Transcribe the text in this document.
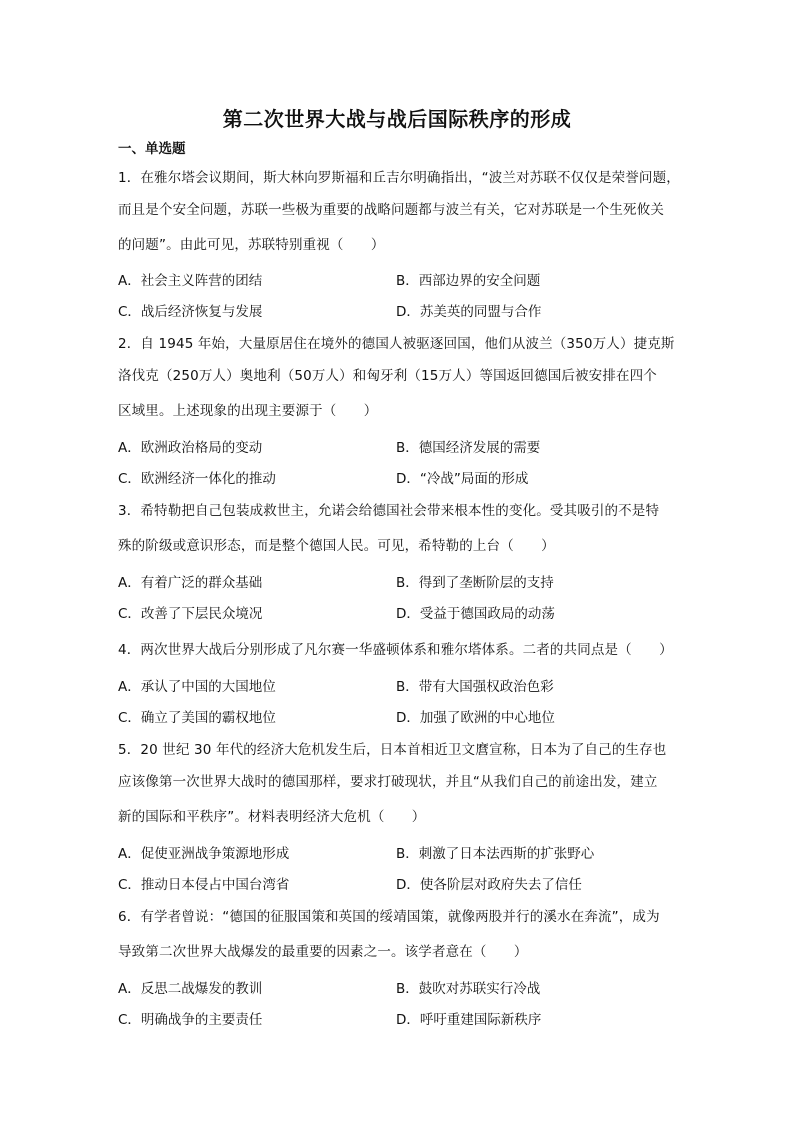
第二次世界大战与战后国际秩序的形成
一、单选题
1．在雅尔塔会议期间，斯大林向罗斯福和丘吉尔明确指出，“波兰对苏联不仅仅是荣誉问题，
而且是个安全问题，苏联一些极为重要的战略问题都与波兰有关，它对苏联是一个生死攸关
的问题”。由此可见，苏联特别重视（　　）
A．社会主义阵营的团结	B．西部边界的安全问题
C．战后经济恢复与发展	D．苏美英的同盟与合作
2．自 1945 年始，大量原居住在境外的德国人被驱逐回国，他们从波兰（350万人）捷克斯
洛伐克（250万人）奥地利（50万人）和匈牙利（15万人）等国返回德国后被安排在四个
区域里。上述现象的出现主要源于（　　）
A．欧洲政治格局的变动	B．德国经济发展的需要
C．欧洲经济一体化的推动	D．“冷战”局面的形成
3．希特勒把自己包装成救世主，允诺会给德国社会带来根本性的变化。受其吸引的不是特
殊的阶级或意识形态，而是整个德国人民。可见，希特勒的上台（　　）
A．有着广泛的群众基础	B．得到了垄断阶层的支持
C．改善了下层民众境况	D．受益于德国政局的动荡
4．两次世界大战后分别形成了凡尔赛一华盛顿体系和雅尔塔体系。二者的共同点是（　　）
A．承认了中国的大国地位	B．带有大国强权政治色彩
C．确立了美国的霸权地位	D．加强了欧洲的中心地位
5．20 世纪 30 年代的经济大危机发生后，日本首相近卫文麿宣称，日本为了自己的生存也
应该像第一次世界大战时的德国那样，要求打破现状，并且“从我们自己的前途出发，建立
新的国际和平秩序”。材料表明经济大危机（　　）
A．促使亚洲战争策源地形成	B．刺激了日本法西斯的扩张野心
C．推动日本侵占中国台湾省	D．使各阶层对政府失去了信任
6．有学者曾说：“德国的征服国策和英国的绥靖国策，就像两股并行的溪水在奔流”，成为
导致第二次世界大战爆发的最重要的因素之一。该学者意在（　　）
A．反思二战爆发的教训	B．鼓吹对苏联实行冷战
C．明确战争的主要责任	D．呼吁重建国际新秩序
